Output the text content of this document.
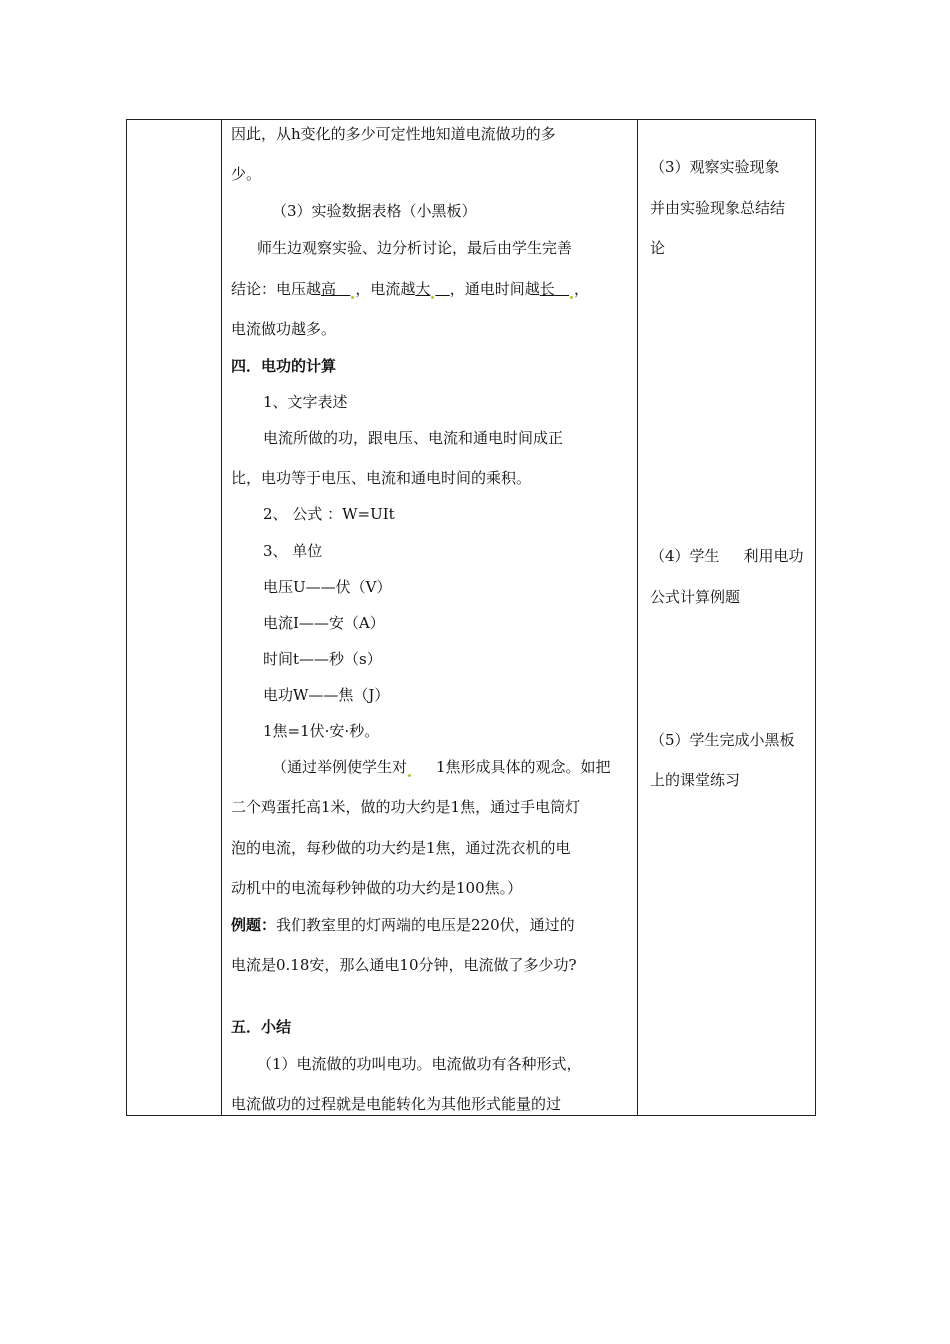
因此，从h变化的多少可定性地知道电流做功的多
少。
（3）实验数据表格（小黑板）
师生边观察实验、边分析讨论，最后由学生完善
结论：电压越高 ，电流越大 ，通电时间越长 ，
电流做功越多。
四．电功的计算
1、文字表述
电流所做的功，跟电压、电流和通电时间成正
比，电功等于电压、电流和通电时间的乘积。
2、 公式 ：W=UIt
3、 单位
电压U——伏（V）
电流I——安（A）
时间t——秒（s）
电功W——焦（J）
1焦=1伏·安·秒。
（通过举例使学生对 1焦形成具体的观念。如把
二个鸡蛋托高1米，做的功大约是1焦，通过手电筒灯
泡的电流，每秒做的功大约是1焦，通过洗衣机的电
动机中的电流每秒钟做的功大约是100焦。）
例题：我们教室里的灯两端的电压是220伏，通过的
电流是0.18安，那么通电10分钟，电流做了多少功?
五．小结
（1）电流做的功叫电功。电流做功有各种形式，
电流做功的过程就是电能转化为其他形式能量的过
（3）观察实验现象
并由实验现象总结结
论
（4）学生 利用电功
公式计算例题
（5）学生完成小黑板
上的课堂练习
